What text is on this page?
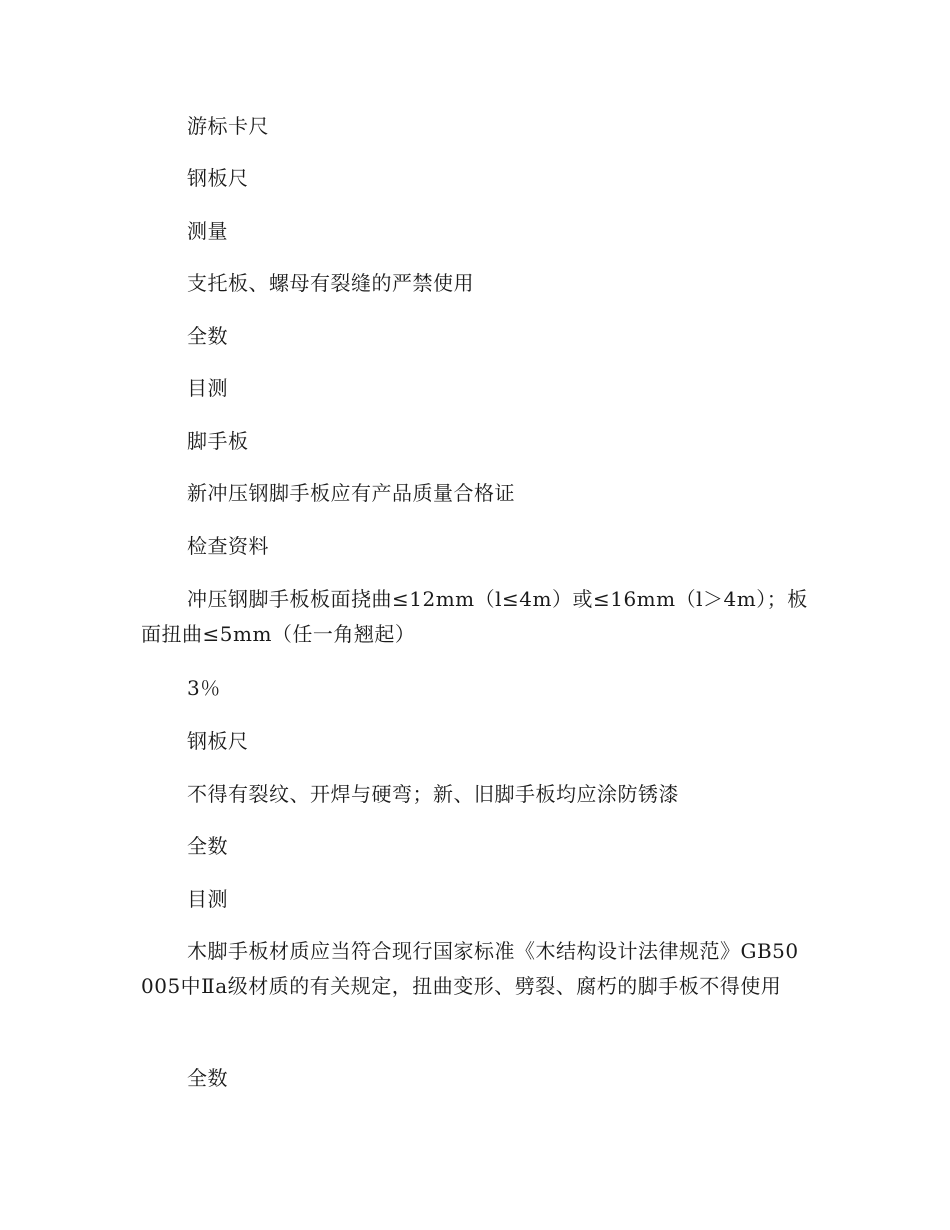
游标卡尺

钢板尺

测量

支托板、螺母有裂缝的严禁使用

全数

目测

脚手板

新冲压钢脚手板应有产品质量合格证

检查资料

冲压钢脚手板板面挠曲≤12mm（l≤4m）或≤16mm（l＞4m）；板面扭曲≤5mm（任一角翘起）

3％

钢板尺

不得有裂纹、开焊与硬弯；新、旧脚手板均应涂防锈漆

全数

目测

木脚手板材质应当符合现行国家标准《木结构设计法律规范》GB50005中Ⅱa级材质的有关规定，扭曲变形、劈裂、腐朽的脚手板不得使用

全数
